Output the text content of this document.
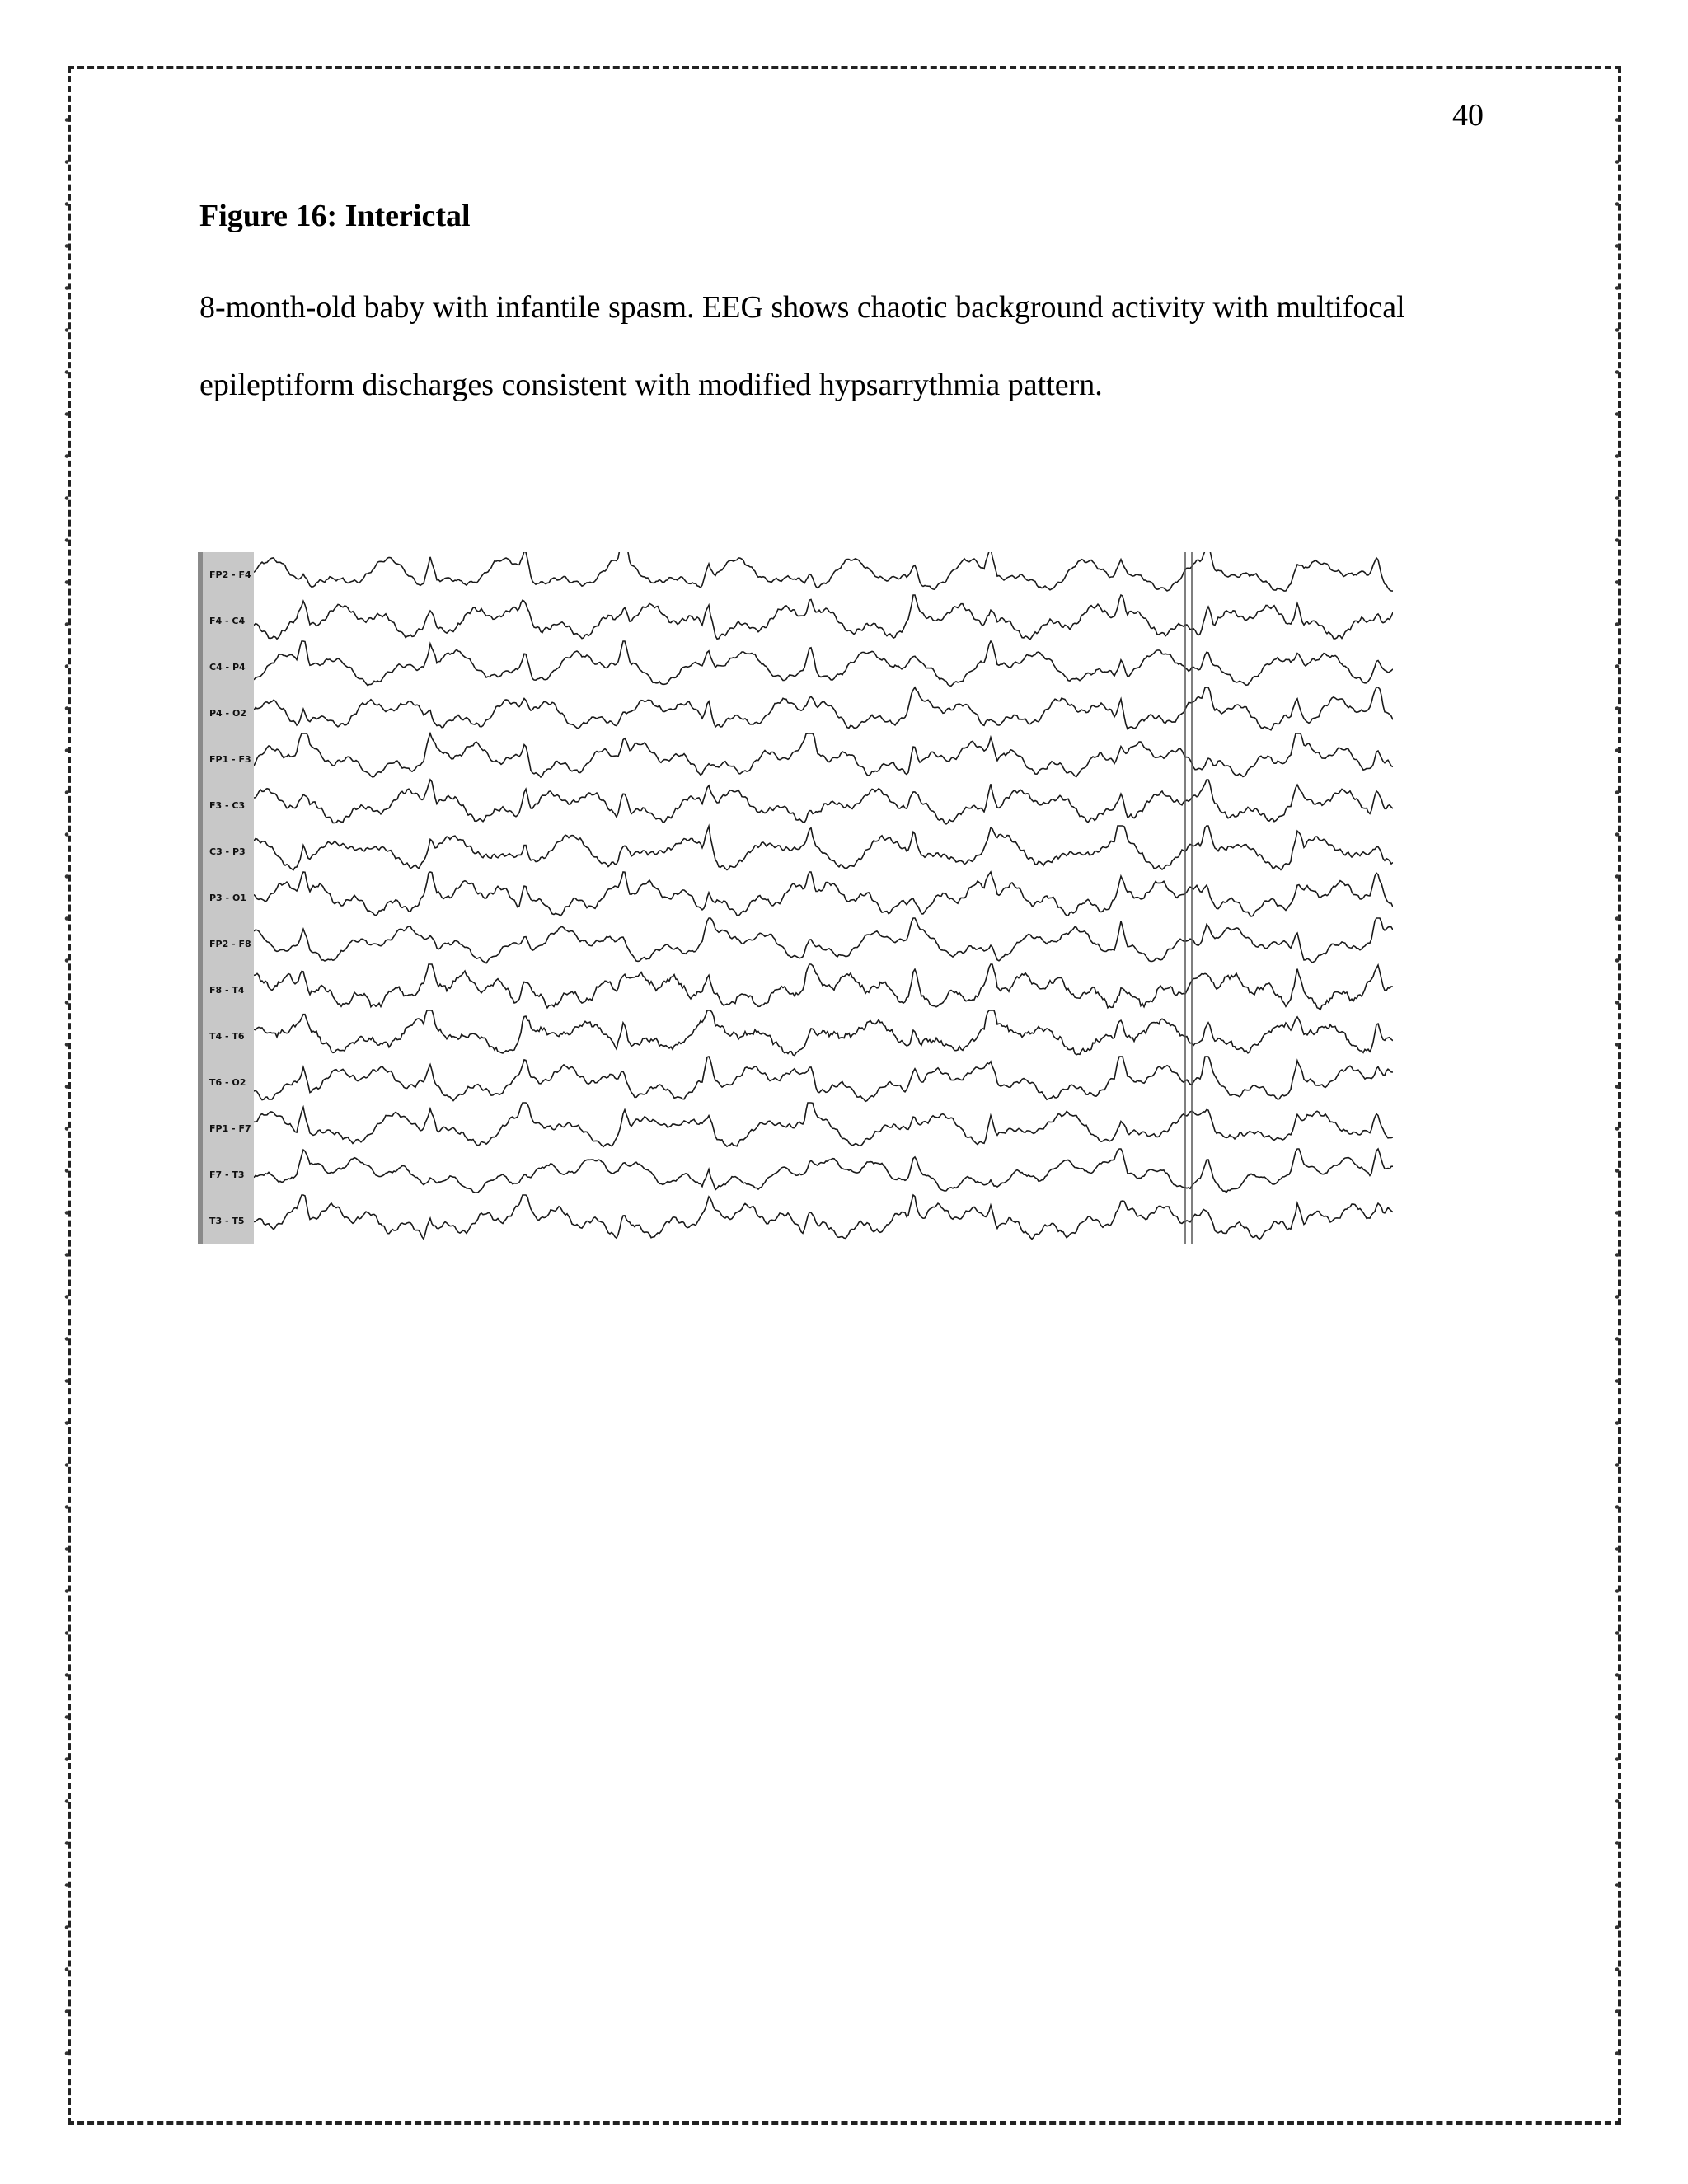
40

Figure 16: Interictal

8-month-old baby with infantile spasm. EEG shows chaotic background activity with multifocal
epileptiform discharges consistent with modified hypsarrythmia pattern.
FP2 - F4
F4 - C4
C4 - P4
P4 - O2
FP1 - F3
F3 - C3
C3 - P3
P3 - O1
FP2 - F8
F8 - T4
T4 - T6
T6 - O2
FP1 - F7
F7 - T3
T3 - T5
